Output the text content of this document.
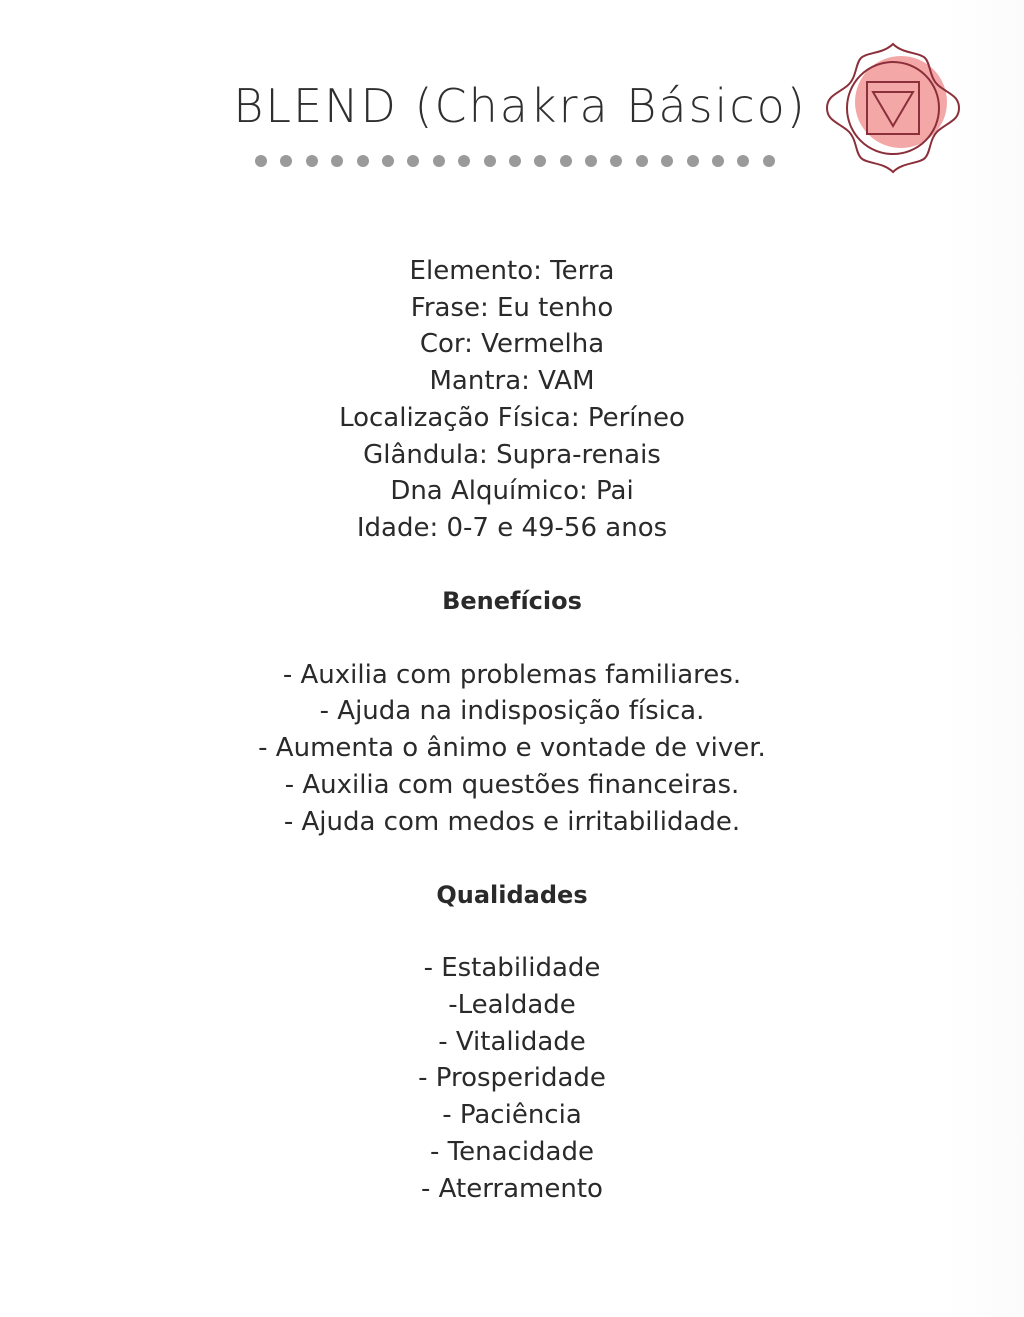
BLEND (Chakra Básico)
Elemento: Terra
Frase: Eu tenho
Cor: Vermelha
Mantra: VAM
Localização Física: Períneo
Glândula: Supra-renais
Dna Alquímico: Pai
Idade: 0-7 e 49-56 anos
Benefícios
- Auxilia com problemas familiares.
- Ajuda na indisposição física.
- Aumenta o ânimo e vontade de viver.
- Auxilia com questões financeiras.
- Ajuda com medos e irritabilidade.
Qualidades
- Estabilidade
-Lealdade
- Vitalidade
- Prosperidade
- Paciência
- Tenacidade
- Aterramento
